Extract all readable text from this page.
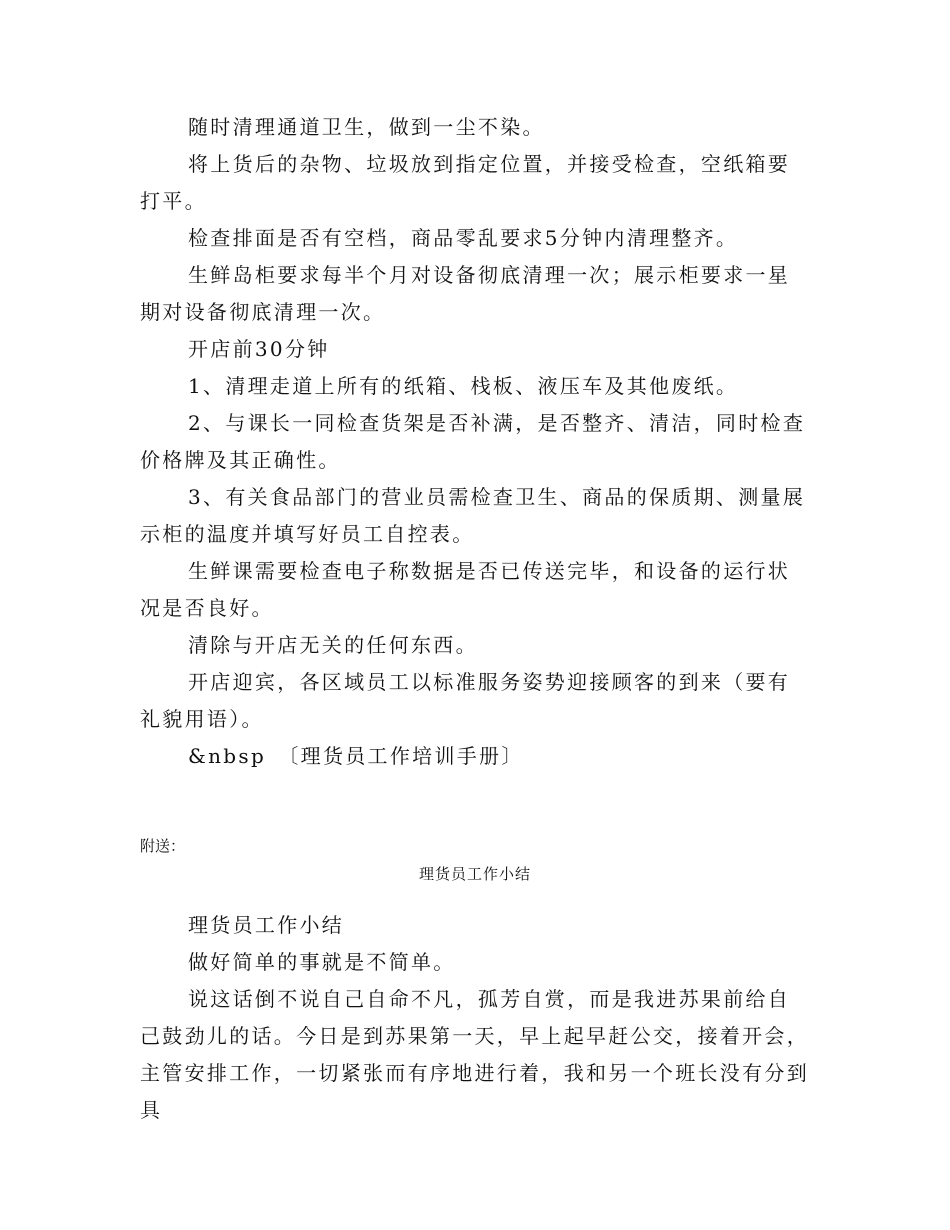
随时清理通道卫生，做到一尘不染。

将上货后的杂物、垃圾放到指定位置，并接受检查，空纸箱要打平。

检查排面是否有空档，商品零乱要求5分钟内清理整齐。

生鲜岛柜要求每半个月对设备彻底清理一次；展示柜要求一星期对设备彻底清理一次。

开店前30分钟

1、清理走道上所有的纸箱、栈板、液压车及其他废纸。

2、与课长一同检查货架是否补满，是否整齐、清洁，同时检查价格牌及其正确性。

3、有关食品部门的营业员需检查卫生、商品的保质期、测量展示柜的温度并填写好员工自控表。

生鲜课需要检查电子称数据是否已传送完毕，和设备的运行状况是否良好。

清除与开店无关的任何东西。

开店迎宾，各区域员工以标准服务姿势迎接顾客的到来（要有礼貌用语）。

&nbsp　〔理货员工作培训手册〕

附送：

理货员工作小结

理货员工作小结

做好简单的事就是不简单。

说这话倒不说自己自命不凡，孤芳自赏，而是我进苏果前给自己鼓劲儿的话。今日是到苏果第一天，早上起早赶公交，接着开会，主管安排工作，一切紧张而有序地进行着，我和另一个班长没有分到具
